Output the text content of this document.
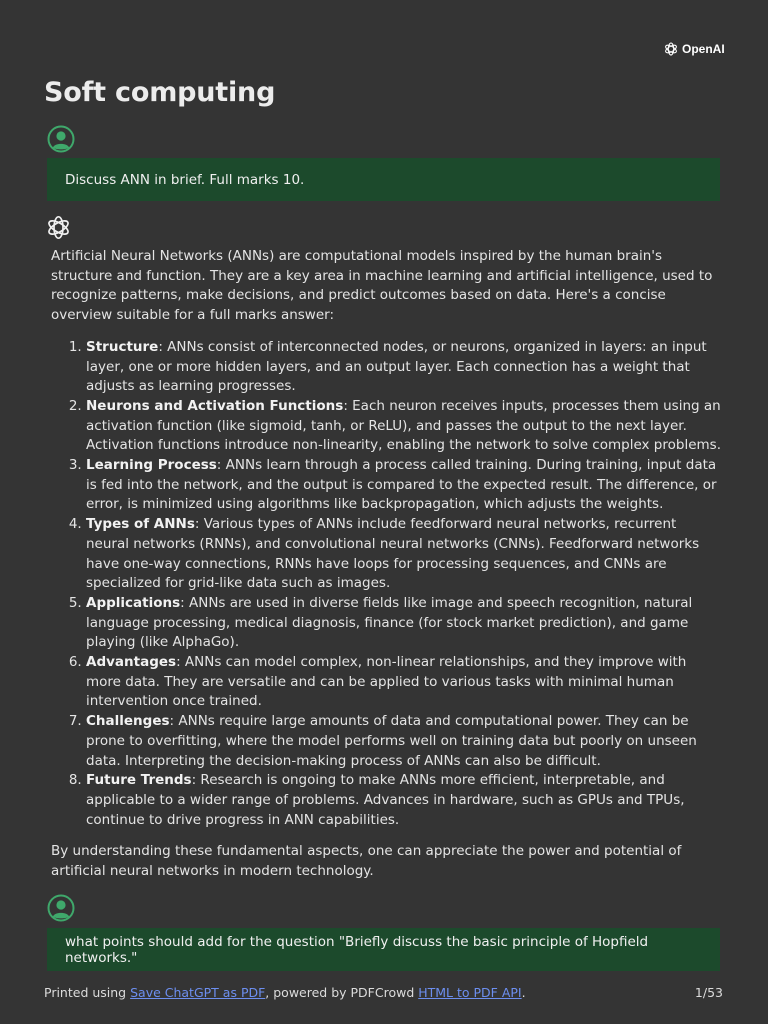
OpenAI
Soft computing
Discuss ANN in brief. Full marks 10.

Artificial Neural Networks (ANNs) are computational models inspired by the human brain's structure and function. They are a key area in machine learning and artificial intelligence, used to recognize patterns, make decisions, and predict outcomes based on data. Here's a concise overview suitable for a full marks answer:

1. Structure: ANNs consist of interconnected nodes, or neurons, organized in layers: an input layer, one or more hidden layers, and an output layer. Each connection has a weight that adjusts as learning progresses.
2. Neurons and Activation Functions: Each neuron receives inputs, processes them using an activation function (like sigmoid, tanh, or ReLU), and passes the output to the next layer. Activation functions introduce non-linearity, enabling the network to solve complex problems.
3. Learning Process: ANNs learn through a process called training. During training, input data is fed into the network, and the output is compared to the expected result. The difference, or error, is minimized using algorithms like backpropagation, which adjusts the weights.
4. Types of ANNs: Various types of ANNs include feedforward neural networks, recurrent neural networks (RNNs), and convolutional neural networks (CNNs). Feedforward networks have one-way connections, RNNs have loops for processing sequences, and CNNs are specialized for grid-like data such as images.
5. Applications: ANNs are used in diverse fields like image and speech recognition, natural language processing, medical diagnosis, finance (for stock market prediction), and game playing (like AlphaGo).
6. Advantages: ANNs can model complex, non-linear relationships, and they improve with more data. They are versatile and can be applied to various tasks with minimal human intervention once trained.
7. Challenges: ANNs require large amounts of data and computational power. They can be prone to overfitting, where the model performs well on training data but poorly on unseen data. Interpreting the decision-making process of ANNs can also be difficult.
8. Future Trends: Research is ongoing to make ANNs more efficient, interpretable, and applicable to a wider range of problems. Advances in hardware, such as GPUs and TPUs, continue to drive progress in ANN capabilities.

By understanding these fundamental aspects, one can appreciate the power and potential of artificial neural networks in modern technology.

what points should add for the question "Briefly discuss the basic principle of Hopfield networks."
Printed using Save ChatGPT as PDF, powered by PDFCrowd HTML to PDF API.	1/53
